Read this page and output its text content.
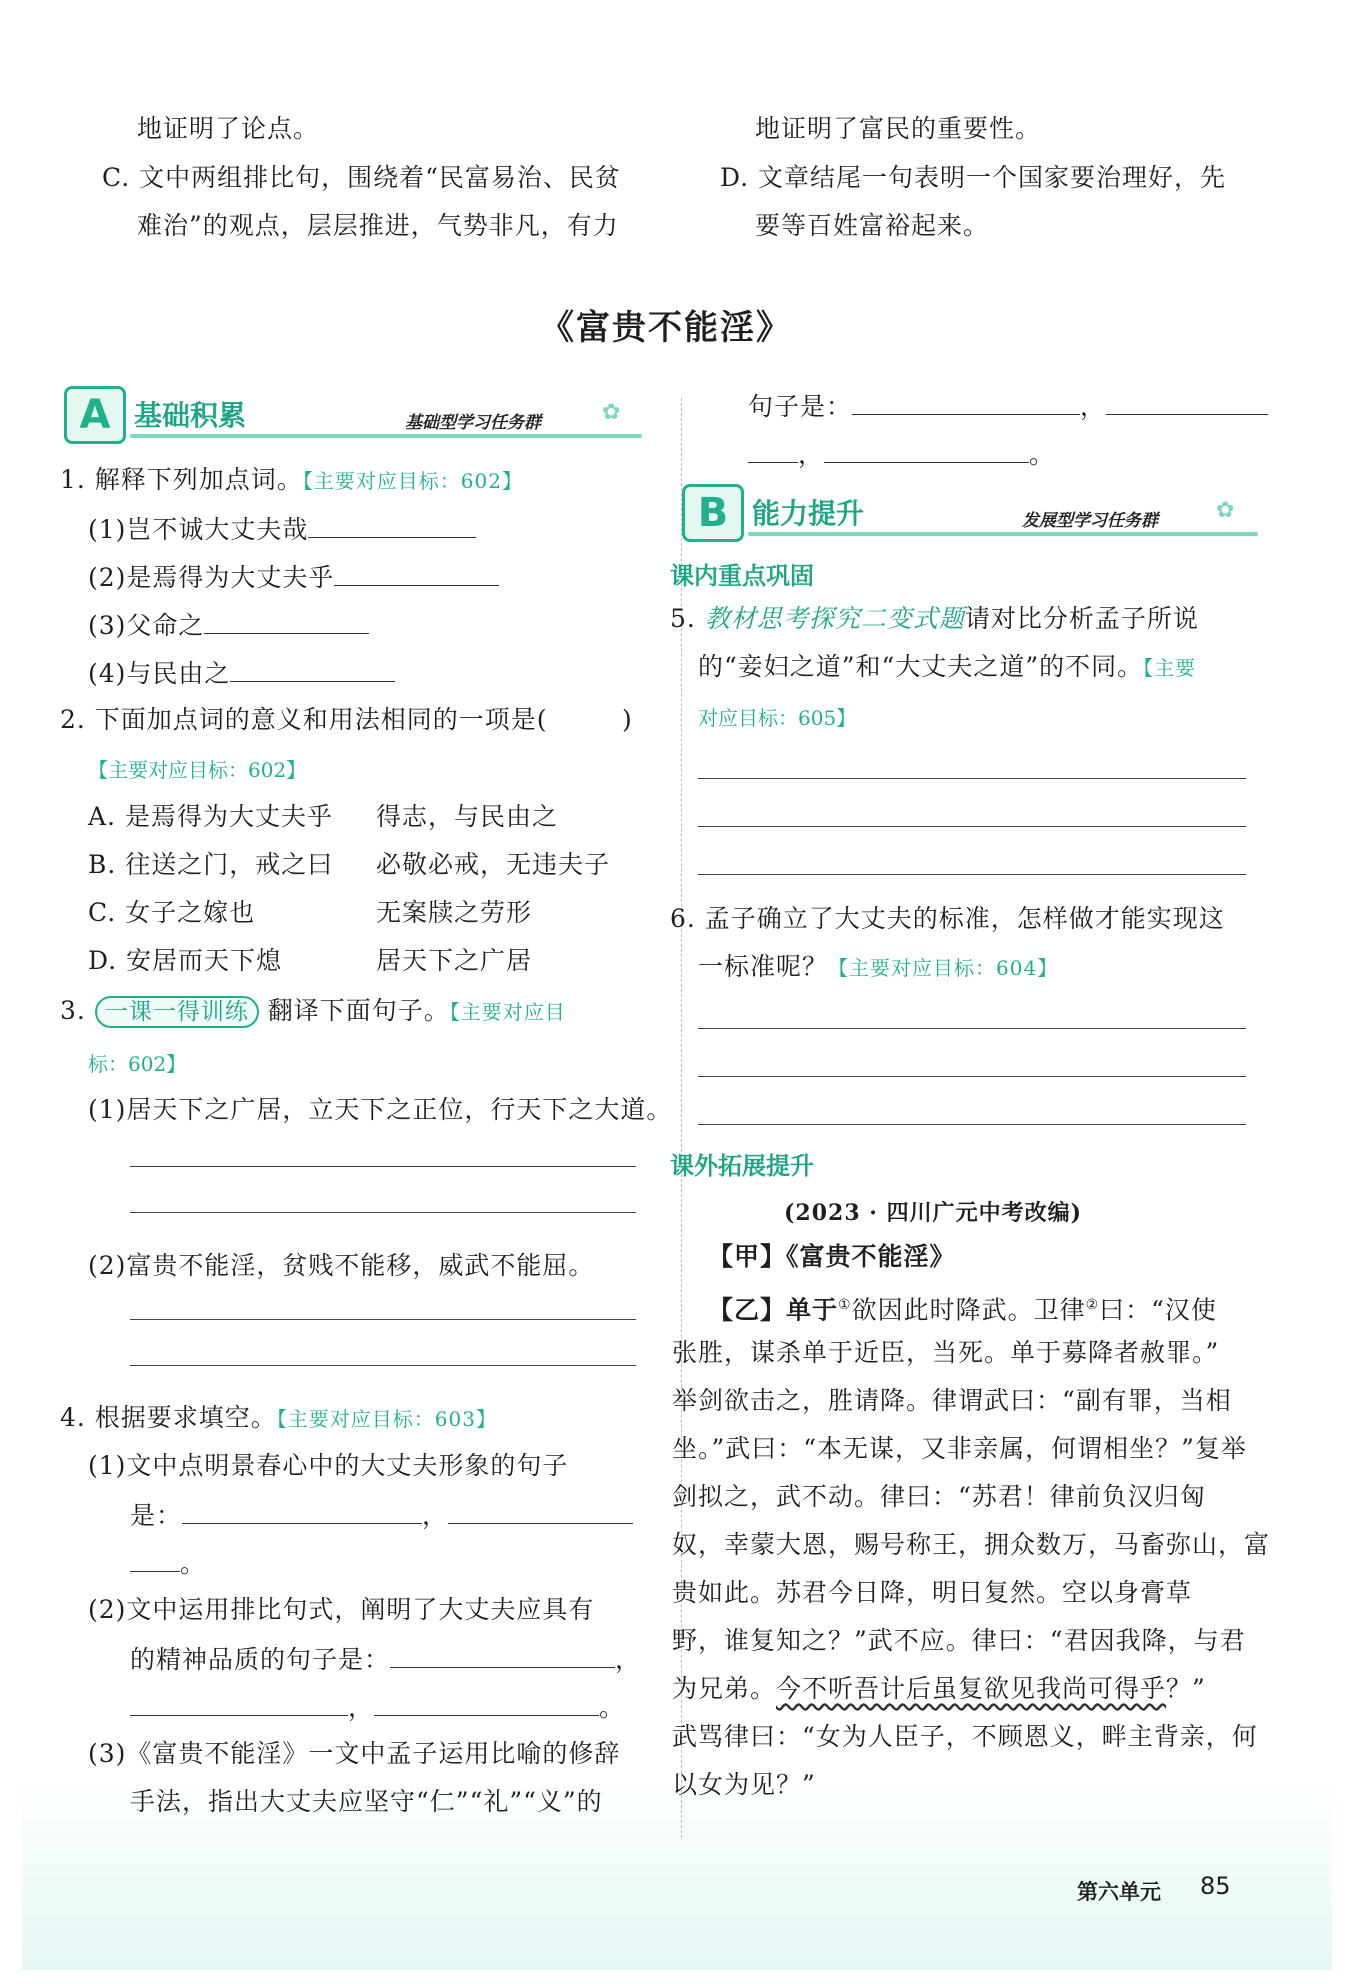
地证明了论点。
C. 文中两组排比句，围绕着“民富易治、民贫
难治”的观点，层层推进，气势非凡，有力
地证明了富民的重要性。
D. 文章结尾一句表明一个国家要治理好，先
要等百姓富裕起来。
《富贵不能淫》
A 基础积累	基础型学习任务群	✿
1. 解释下列加点词。【主要对应目标：602】
(1)岂不诚大丈夫哉
(2)是焉得为大丈夫乎
(3)父命之
(4)与民由之
2. 下面加点词的意义和用法相同的一项是(	)
【主要对应目标：602】
A. 是焉得为大丈夫乎 得志，与民由之
B. 往送之门，戒之曰 必敬必戒，无违夫子
C. 女子之嫁也	无案牍之劳形
D. 安居而天下熄	居天下之广居
3. 一课一得训练 翻译下面句子。【主要对应目
标：602】
(1)居天下之广居，立天下之正位，行天下之大道。
(2)富贵不能淫，贫贱不能移，威武不能屈。
4. 根据要求填空。【主要对应目标：603】
(1)文中点明景春心中的大丈夫形象的句子
是：	，
。
(2)文中运用排比句式，阐明了大丈夫应具有
的精神品质的句子是：	，
，	。
(3)《富贵不能淫》一文中孟子运用比喻的修辞
手法，指出大丈夫应坚守“仁”“礼”“义”的
句子是：	，
，	。
B 能力提升	发展型学习任务群	✿
课内重点巩固
5. 教材思考探究二变式题请对比分析孟子所说
的“妾妇之道”和“大丈夫之道”的不同。【主要
对应目标：605】
6. 孟子确立了大丈夫的标准，怎样做才能实现这
一标准呢？【主要对应目标：604】
课外拓展提升
(2023 · 四川广元中考改编)
【甲】《富贵不能淫》
【乙】单于①欲因此时降武。卫律②曰：“汉使
张胜，谋杀单于近臣，当死。单于募降者赦罪。”
举剑欲击之，胜请降。律谓武曰：“副有罪，当相
坐。”武曰：“本无谋，又非亲属，何谓相坐？”复举
剑拟之，武不动。律曰：“苏君！律前负汉归匈
奴，幸蒙大恩，赐号称王，拥众数万，马畜弥山，富
贵如此。苏君今日降，明日复然。空以身膏草
野，谁复知之？”武不应。律曰：“君因我降，与君
为兄弟。今不听吾计后虽复欲见我尚可得乎？”
武骂律曰：“女为人臣子，不顾恩义，畔主背亲，何
以女为见？”
第六单元 85
